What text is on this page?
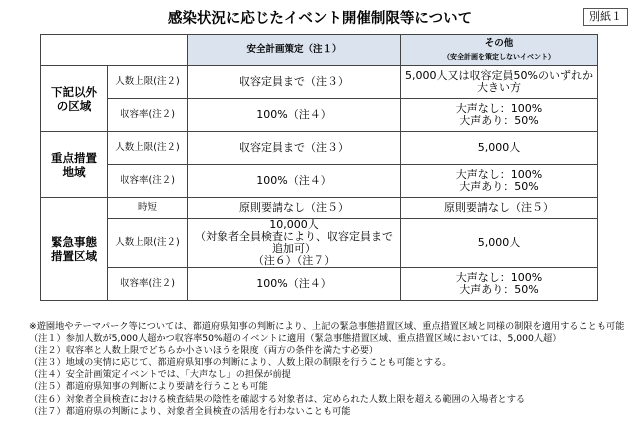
感染状況に応じたイベント開催制限等について	別紙１
		安全計画策定（注１）	その他
（安全計画を策定しないイベント）

下記以外
の区域	人数上限(注２)	収容定員まで（注３）	5,000人又は収容定員50%のいずれか大きい方
	収容率(注２)	100%（注４）	大声なし：100%
大声あり：50%
重点措置
地域	人数上限(注２)	収容定員まで（注３）	5,000人
	収容率(注２)	100%（注４）	大声なし：100%
大声あり：50%
緊急事態
措置区域	時短	原則要請なし（注５）	原則要請なし（注５）
	人数上限(注２)	10,000人
（対象者全員検査により、収容定員まで追加可）
（注６）（注７）	5,000人
	収容率(注２)	100%（注４）	大声なし：100%
大声あり：50%
※遊園地やテーマパーク等については、都道府県知事の判断により、上記の緊急事態措置区域、重点措置区域と同様の制限を適用することも可能
（注１）参加人数が5,000人超かつ収容率50%超のイベントに適用（緊急事態措置区域、重点措置区域においては、5,000人超）
（注２）収容率と人数上限でどちらか小さいほうを限度（両方の条件を満たす必要）
（注３）地域の実情に応じて、都道府県知事の判断により、人数上限の制限を行うことも可能とする。
（注４）安全計画策定イベントでは、「大声なし」の担保が前提
（注５）都道府県知事の判断により要請を行うことも可能
（注６）対象者全員検査における検査結果の陰性を確認する対象者は、定められた人数上限を超える範囲の入場者とする
（注７）都道府県の判断により、対象者全員検査の活用を行わないことも可能
